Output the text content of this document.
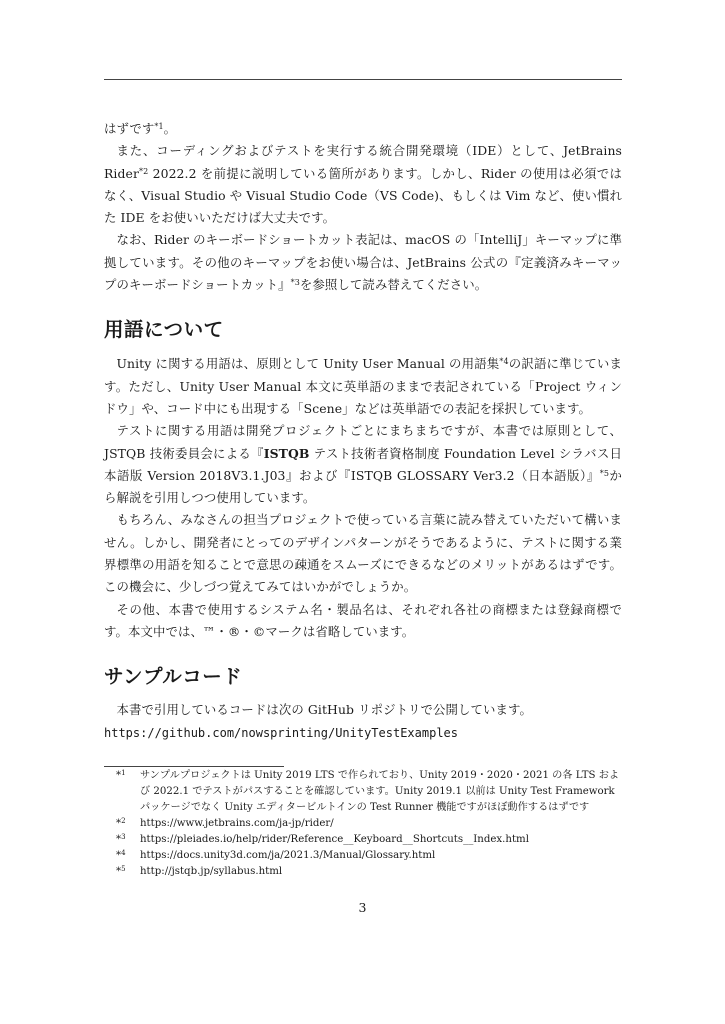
はずです$^{*1}$。

また、コーディングおよびテストを実行する統合開発環境（IDE）として、JetBrains Rider$^{*2}$ 2022.2 を前提に説明している箇所があります。しかし、Rider の使用は必須ではなく、Visual Studio や Visual Studio Code（VS Code)、もしくは Vim など、使い慣れた IDE をお使いいただけば大丈夫です。

なお、Rider のキーボードショートカット表記は、macOS の「IntelliJ」キーマップに準拠しています。その他のキーマップをお使い場合は、JetBrains 公式の『定義済みキーマップのキーボードショートカット』$^{*3}$を参照して読み替えてください。

用語について

Unity に関する用語は、原則として Unity User Manual の用語集$^{*4}$の訳語に準じています。ただし、Unity User Manual 本文に英単語のままで表記されている「Project ウィンドウ」や、コード中にも出現する「Scene」などは英単語での表記を採択しています。

テストに関する用語は開発プロジェクトごとにまちまちですが、本書では原則として、JSTQB 技術委員会による『ISTQB テスト技術者資格制度 Foundation Level シラバス日本語版 Version 2018V3.1.J03』および『ISTQB GLOSSARY Ver3.2（日本語版）』$^{*5}$から解説を引用しつつ使用しています。

もちろん、みなさんの担当プロジェクトで使っている言葉に読み替えていただいて構いません。しかし、開発者にとってのデザインパターンがそうであるように、テストに関する業界標準の用語を知ることで意思の疎通をスムーズにできるなどのメリットがあるはずです。この機会に、少しづつ覚えてみてはいかがでしょうか。

その他、本書で使用するシステム名・製品名は、それぞれ各社の商標または登録商標です。本文中では、™・®・©マークは省略しています。

サンプルコード

本書で引用しているコードは次の GitHub リポジトリで公開しています。

https://github.com/nowsprinting/UnityTestExamples
*$^1$	サンプルプロジェクトは Unity 2019 LTS で作られており、Unity 2019・2020・2021 の各 LTS および 2022.1 でテストがパスすることを確認しています。Unity 2019.1 以前は Unity Test Framework パッケージでなく Unity エディタービルトインの Test Runner 機能ですがほぼ動作するはずです
*$^2$	https://www.jetbrains.com/ja-jp/rider/
*$^3$	https://pleiades.io/help/rider/Reference__Keyboard__Shortcuts__Index.html
*$^4$	https://docs.unity3d.com/ja/2021.3/Manual/Glossary.html
*$^5$	http://jstqb.jp/syllabus.html
3
